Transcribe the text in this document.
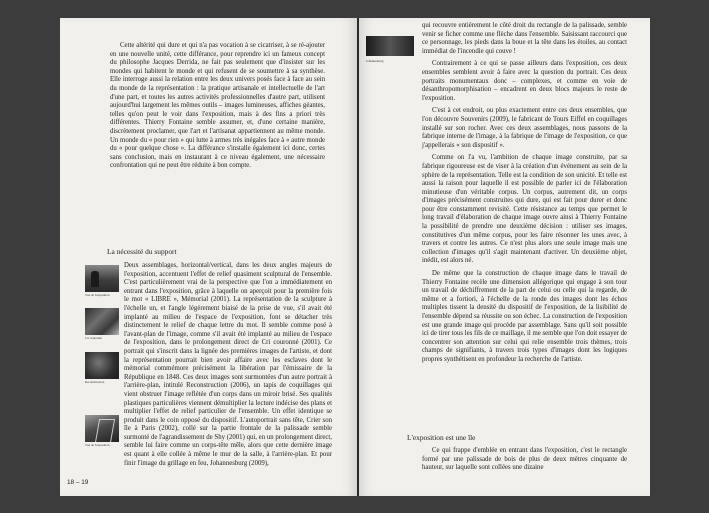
Cette altérité qui dure et qui n'a pas vocation à se cicatriser, à se ré-ajouter en une nouvelle unité, cette différance, pour reprendre ici un fameux concept du philosophe Jacques Derrida, ne fait pas seulement que d'insister sur les mondes qui habitent le monde et qui refusent de se soumettre à sa synthèse. Elle interroge aussi la relation entre les deux univers posés face à face au sein du monde de la représentation : la pratique artisanale et intellectuelle de l'art d'une part, et toutes les autres activités professionnelles d'autre part, utilisent aujourd'hui largement les mêmes outils – images lumineuses, affiches géantes, telles qu'on peut le voir dans l'exposition, mais à des fins a priori très différentes. Thierry Fontaine semble assumer, et, d'une certaine manière, discrètement proclamer, que l'art et l'artisanat appartiennent au même monde. Un monde du « pour rien » qui lutte à armes très inégales face à « autre monde du « pour quelque chose ». La différance s'installe également ici donc, certes sans conclusion, mais en instaurant à ce niveau également, une nécessaire confrontation qui ne peut être réduite à bon compte.

La nécessité du support
Vue de l'exposition
Cri couronné
Reconstruction
Vue de l'exposition

Deux assemblages, horizontal/vertical, dans les deux angles majeurs de l'exposition, accentuent l'effet de relief quasiment sculptural de l'ensemble. C'est particulièrement vrai de la perspective que l'on a immédiatement en entrant dans l'exposition, grâce à laquelle on aperçoit pour la première fois le mot « LIBRE », Mémorial (2001). La représentation de la sculpture à l'échelle un, et l'angle légèrement biaisé de la prise de vue, s'il avait été implanté au milieu de l'espace de l'exposition, font se détacher très distinctement le relief de chaque lettre du mot. Il semble comme posé à l'avant-plan de l'image, comme s'il avait été implanté au milieu de l'espace de l'exposition, dans le prolongement direct de Cri couronné (2001). Ce portrait qui s'inscrit dans la lignée des premières images de l'artiste, et dont la représentation pourrait bien avoir affaire avec les esclaves dont le mémorial commémore précisément la libération par l'émissaire de la République en 1848. Ces deux images sont surmontées d'un autre portrait à l'arrière-plan, intitulé Reconstruction (2006), un tapis de coquillages qui vient obstruer l'image reflétée d'un corps dans un miroir brisé. Ses qualités plastiques particulières viennent démultiplier la lecture indécise des plans et multiplier l'effet de relief particulier de l'ensemble. Un effet identique se produit dans le coin opposé du dispositif. L'autoportrait sans tête, Crier son île à Paris (2002), collé sur la partie frontale de la palissade semble surmonté de l'agrandissement de Shy (2001) qui, en un prolongement direct, semble lui faire comme un corps-tête mêle, alors que cette dernière image est quant à elle collée à même le mur de la salle, à l'arrière-plan. Et pour finir l'image du grillage en feu, Johannesburg (2009),

18 – 19
Johannesburg

qui recouvre entièrement le côté droit du rectangle de la palissade, semble venir se ficher comme une flèche dans l'ensemble. Saisissant raccourci que ce personnage, les pieds dans la boue et la tête dans les étoiles, au contact immédiat de l'incendie qui couve !

Contrairement à ce qui se passe ailleurs dans l'exposition, ces deux ensembles semblent avoir à faire avec la question du portrait. Ces deux portraits monumentaux donc – complexes, et comme en voie de désanthropomorphisation – encadrent en deux blocs majeurs le reste de l'exposition.

C'est à cet endroit, ou plus exactement entre ces deux ensembles, que l'on découvre Souvenirs (2009), le fabricant de Tours Eiffel en coquillages installé sur son rocher. Avec ces deux assemblages, nous passons de la fabrique interne de l'image, à la fabrique de l'image de l'exposition, ce que j'appellerais « son dispositif ».

Comme on l'a vu, l'ambition de chaque image construite, par sa fabrique rigoureuse est de viser à la création d'un événement au sein de la sphère de la représentation. Telle est la condition de son unicité. Et telle est aussi la raison pour laquelle il est possible de parler ici de l'élaboration minutieuse d'un véritable corpus. Un corpus, autrement dit, un corps d'images précisément construites qui dure, qui est fait pour durer et donc pour être constamment revisité. Cette résistance au temps que permet le long travail d'élaboration de chaque image ouvre ainsi à Thierry Fontaine la possibilité de prendre une deuxième décision : utiliser ses images, constitutives d'un même corpus, pour les faire résonner les unes avec, à travers et contre les autres. Ce n'est plus alors une seule image mais une collection d'images qu'il s'agit maintenant d'activer. Un deuxième objet, inédit, est alors né.

De même que la construction de chaque image dans le travail de Thierry Fontaine recèle une dimension allégorique qui engage à son tour un travail de déchiffrement de la part de celui ou celle qui la regarde, de même et a fortiori, à l'échelle de la ronde des images dont les échos multiples tissent la densité du dispositif de l'exposition, de la lisibilité de l'ensemble dépend sa réussite ou son échec. La construction de l'exposition est une grande image qui procède par assemblage. Sans qu'il soit possible ici de tirer tous les fils de ce maillage, il me semble que l'on doit essayer de concentrer son attention sur celui qui relie ensemble trois thèmes, trois champs de signifiants, à travers trois types d'images dont les logiques propres synthétisent en profondeur la recherche de l'artiste.

L'exposition est une île

Ce qui frappe d'emblée en entrant dans l'exposition, c'est le rectangle formé par une palissade de bois de plus de deux mètres cinquante de hauteur, sur laquelle sont collées une dizaine
